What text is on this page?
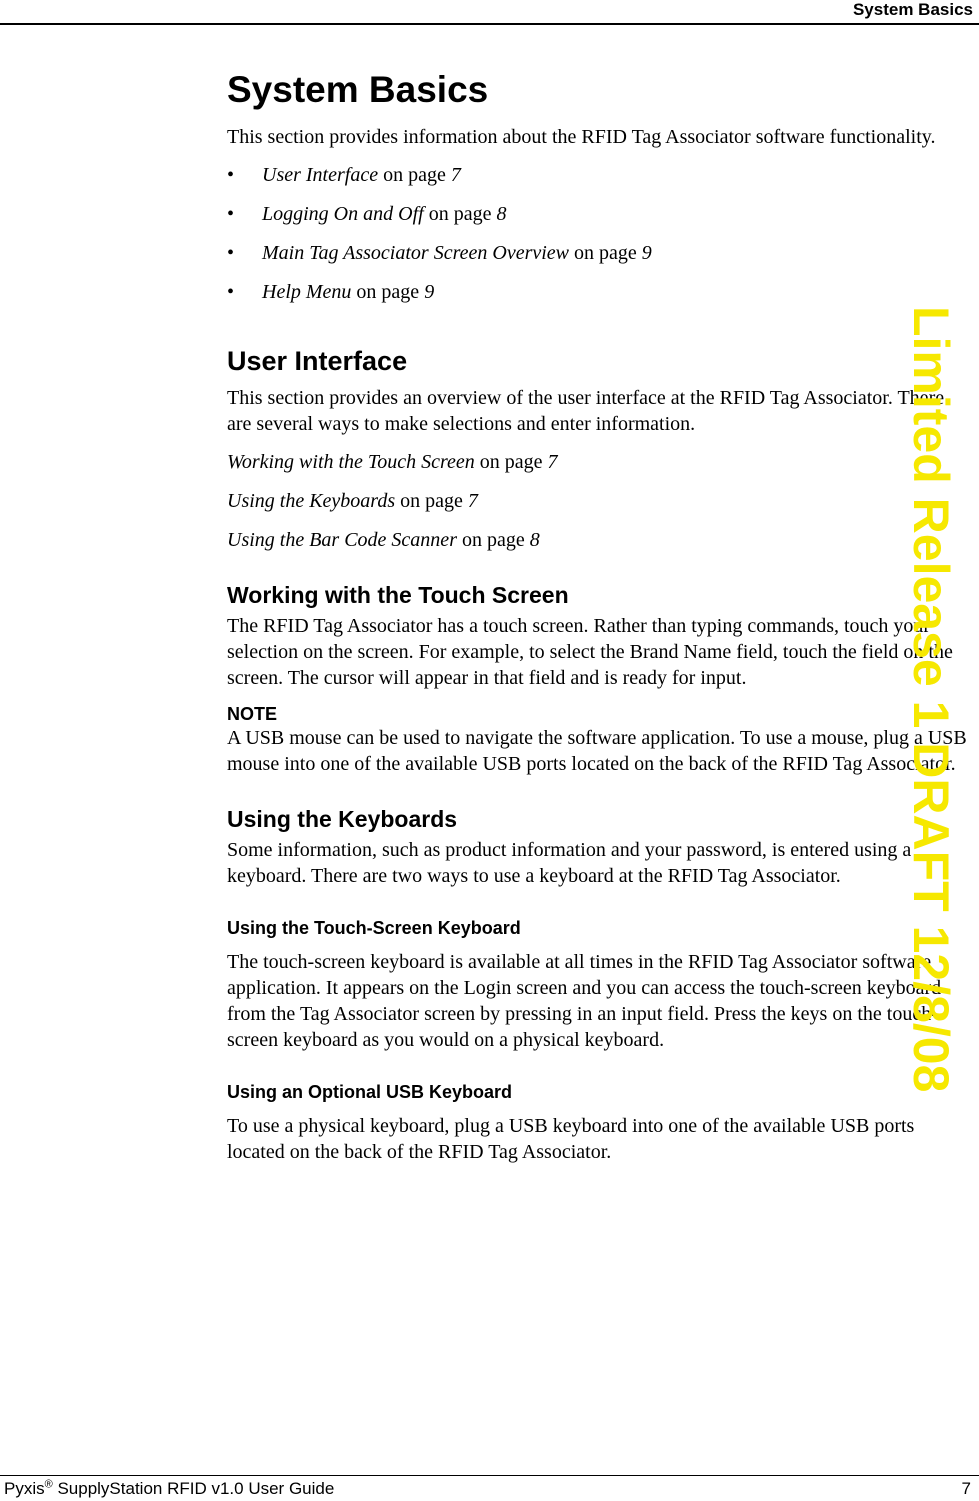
System Basics
Limited Release 1 DRAFT 12/8/08
System Basics

This section provides information about the RFID Tag Associator software functionality.

• User Interface on page 7
• Logging On and Off on page 8
• Main Tag Associator Screen Overview on page 9
• Help Menu on page 9
User Interface

This section provides an overview of the user interface at the RFID Tag Associator. There are several ways to make selections and enter information.

Working with the Touch Screen on page 7

Using the Keyboards on page 7

Using the Bar Code Scanner on page 8

Working with the Touch Screen

The RFID Tag Associator has a touch screen. Rather than typing commands, touch your selection on the screen. For example, to select the Brand Name field, touch the field on the screen. The cursor will appear in that field and is ready for input.

NOTE

A USB mouse can be used to navigate the software application. To use a mouse, plug a USB mouse into one of the available USB ports located on the back of the RFID Tag Associator.

Using the Keyboards

Some information, such as product information and your password, is entered using a keyboard. There are two ways to use a keyboard at the RFID Tag Associator.

Using the Touch-Screen Keyboard

The touch-screen keyboard is available at all times in the RFID Tag Associator software application. It appears on the Login screen and you can access the touch-screen keyboard from the Tag Associator screen by pressing in an input field. Press the keys on the touch-screen keyboard as you would on a physical keyboard.

Using an Optional USB Keyboard

To use a physical keyboard, plug a USB keyboard into one of the available USB ports located on the back of the RFID Tag Associator.

Pyxis® SupplyStation RFID v1.0 User Guide	7
